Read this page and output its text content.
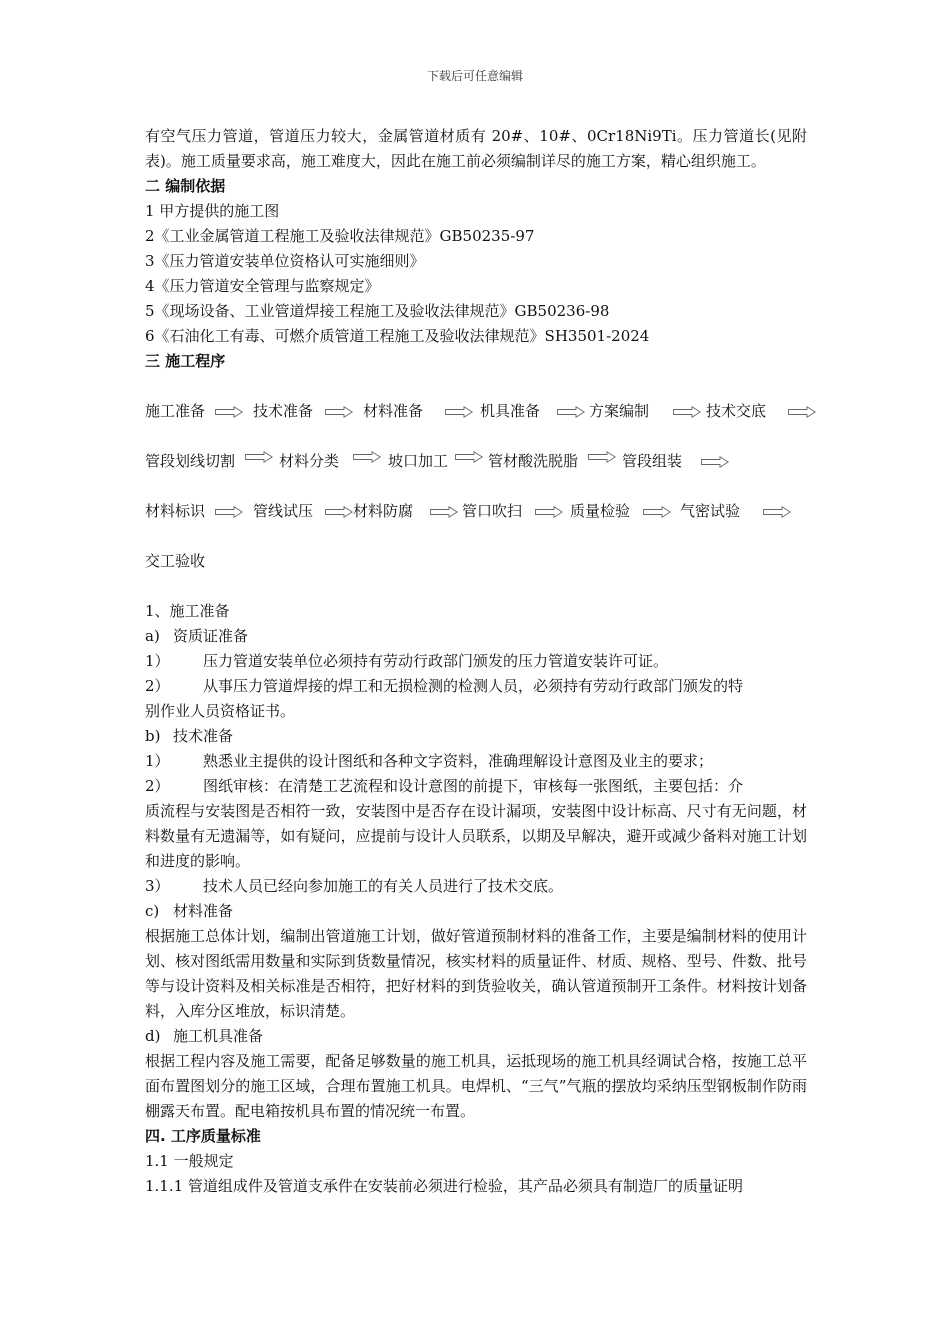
下载后可任意编辑

有空气压力管道，管道压力较大，金属管道材质有 20#、10#、0Cr18Ni9Ti。压力管道长(见附表)。施工质量要求高，施工难度大，因此在施工前必须编制详尽的施工方案，精心组织施工。

二 编制依据

1 甲方提供的施工图

2《工业金属管道工程施工及验收法律规范》GB50235-97

3《压力管道安装单位资格认可实施细则》

4《压力管道安全管理与监察规定》

5《现场设备、工业管道焊接工程施工及验收法律规范》GB50236-98

6《石油化工有毒、可燃介质管道工程施工及验收法律规范》SH3501-2024

三 施工程序

施工准备	技术准备	材料准备	机具准备	方案编制	技术交底
管段划线切割	材料分类	坡口加工	管材酸洗脱脂	管段组装
材料标识	管线试压	材料防腐	管口吹扫	质量检验	气密试验

交工验收

1、施工准备

a) 资质证准备
1）	压力管道安装单位必须持有劳动行政部门颁发的压力管道安装许可证。
2）	从事压力管道焊接的焊工和无损检测的检测人员，必须持有劳动行政部门颁发的特

别作业人员资格证书。

b) 技术准备
1）	熟悉业主提供的设计图纸和各种文字资料，准确理解设计意图及业主的要求；
2）	图纸审核：在清楚工艺流程和设计意图的前提下，审核每一张图纸，主要包括：介

质流程与安装图是否相符一致，安装图中是否存在设计漏项，安装图中设计标高、尺寸有无问题，材料数量有无遗漏等，如有疑问，应提前与设计人员联系，以期及早解决，避开或减少备料对施工计划和进度的影响。

3）	技术人员已经向参加施工的有关人员进行了技术交底。
c) 材料准备

根据施工总体计划，编制出管道施工计划，做好管道预制材料的准备工作，主要是编制材料的使用计划、核对图纸需用数量和实际到货数量情况，核实材料的质量证件、材质、规格、型号、件数、批号等与设计资料及相关标准是否相符，把好材料的到货验收关，确认管道预制开工条件。材料按计划备料，入库分区堆放，标识清楚。

d) 施工机具准备

根据工程内容及施工需要，配备足够数量的施工机具，运抵现场的施工机具经调试合格，按施工总平面布置图划分的施工区域，合理布置施工机具。电焊机、“三气”气瓶的摆放均采纳压型钢板制作防雨棚露天布置。配电箱按机具布置的情况统一布置。

四. 工序质量标准

1.1 一般规定

1.1.1 管道组成件及管道支承件在安装前必须进行检验，其产品必须具有制造厂的质量证明
